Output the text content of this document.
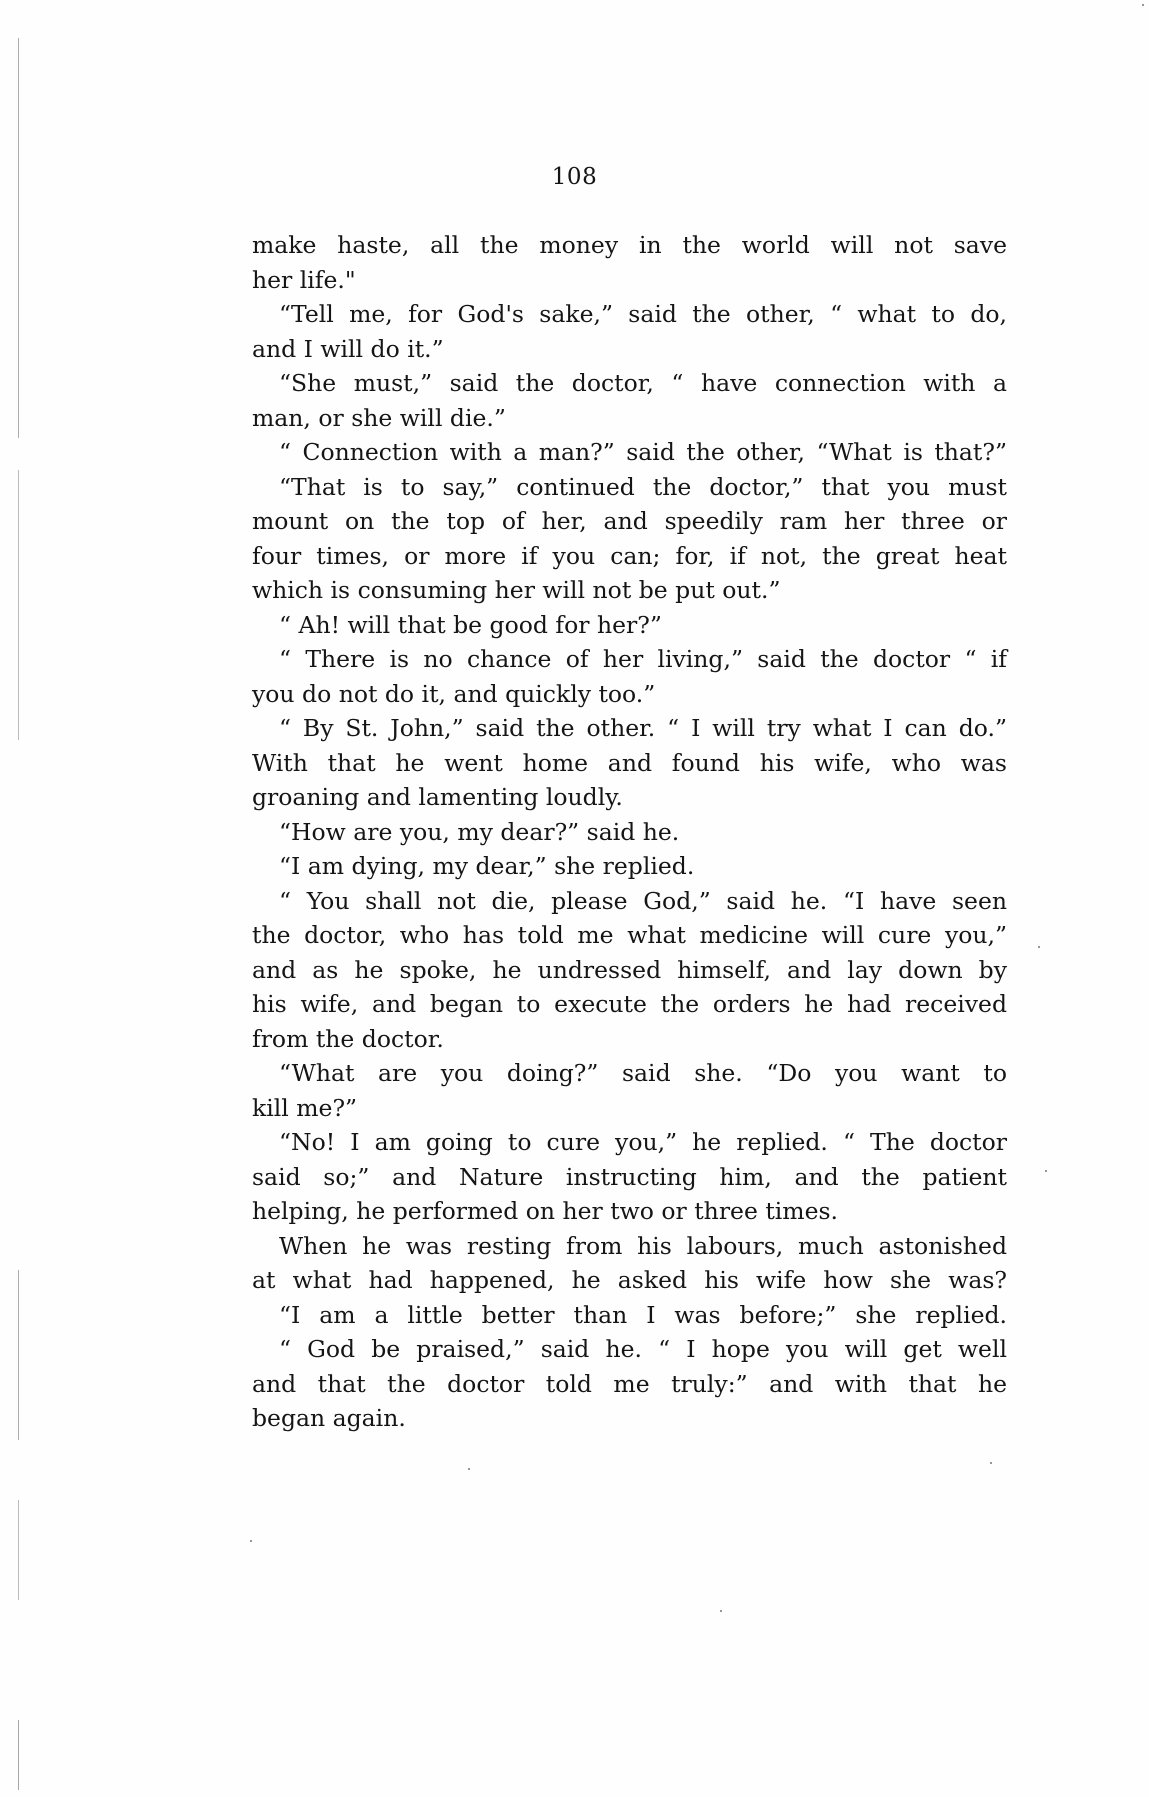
108
make haste, all the money in the world will not save
her life."
“Tell me, for God's sake,” said the other, “ what to do,
and I will do it.”
“She must,” said the doctor, “ have connection with a
man, or she will die.”
“ Connection with a man?” said the other, “What is that?”
“That is to say,” continued the doctor,” that you must
mount on the top of her, and speedily ram her three or
four times, or more if you can; for, if not, the great heat
which is consuming her will not be put out.”
“ Ah! will that be good for her?”
“ There is no chance of her living,” said the doctor “ if
you do not do it, and quickly too.”
“ By St. John,” said the other. “ I will try what I can do.”
With that he went home and found his wife, who was
groaning and lamenting loudly.
“How are you, my dear?” said he.
“I am dying, my dear,” she replied.
“ You shall not die, please God,” said he. “I have seen
the doctor, who has told me what medicine will cure you,”
and as he spoke, he undressed himself, and lay down by
his wife, and began to execute the orders he had received
from the doctor.
“What are you doing?” said she. “Do you want to
kill me?”
“No! I am going to cure you,” he replied. “ The doctor
said so;” and Nature instructing him, and the patient
helping, he performed on her two or three times.
When he was resting from his labours, much astonished
at what had happened, he asked his wife how she was?
“I am a little better than I was before;” she replied.
“ God be praised,” said he. “ I hope you will get well
and that the doctor told me truly:” and with that he
began again.
